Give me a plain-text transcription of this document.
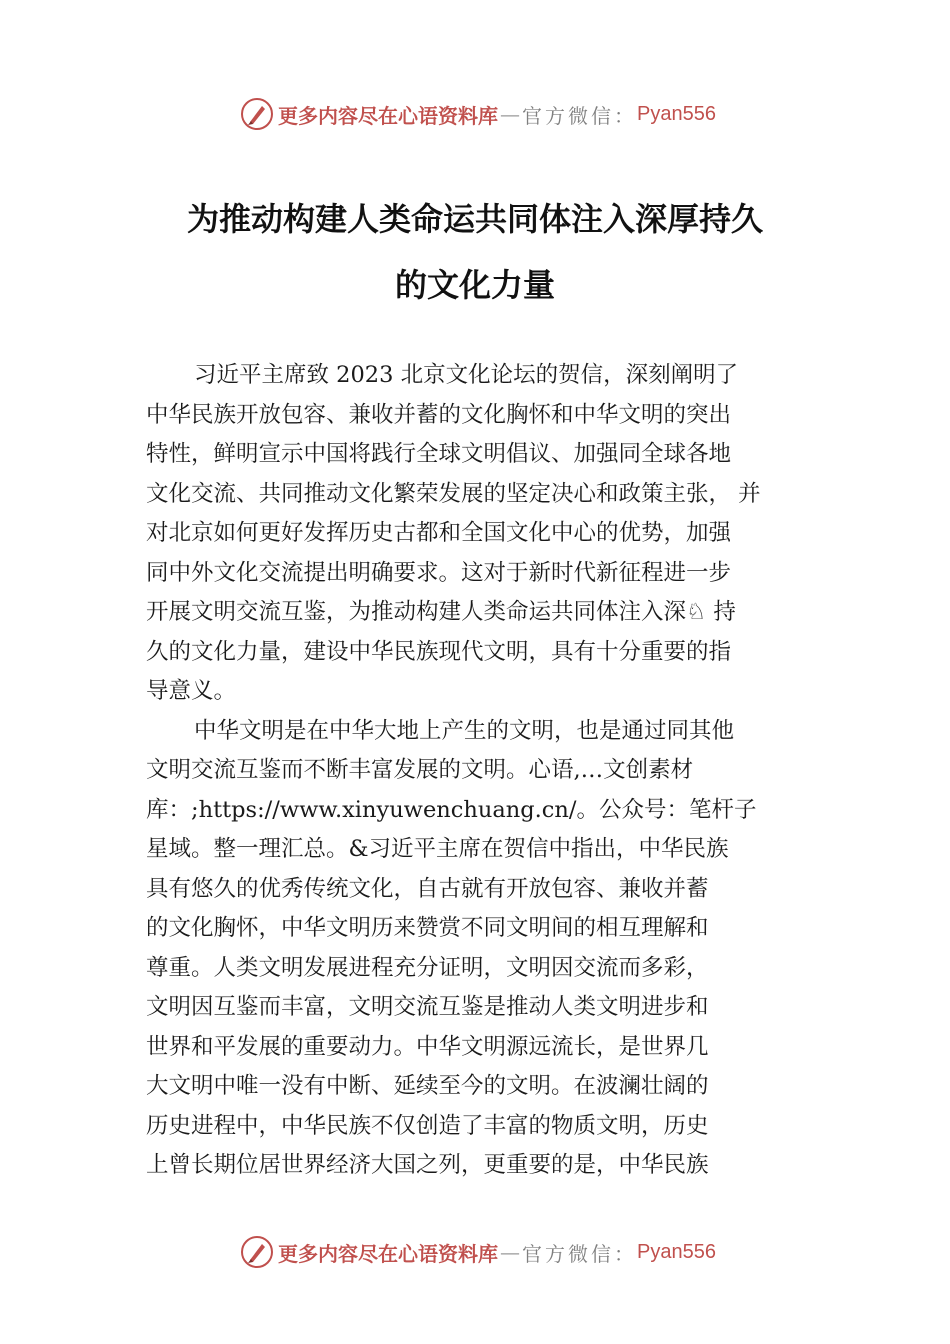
更多内容尽在心语资料库 — 官方微信： Pyan556
为推动构建人类命运共同体注入深厚持久
的文化力量
习近平主席致 2023 北京文化论坛的贺信，深刻阐明了
中华民族开放包容、兼收并蓄的文化胸怀和中华文明的突出
特性，鲜明宣示中国将践行全球文明倡议、加强同全球各地
文化交流、共同推动文化繁荣发展的坚定决心和政策主张， 并
对北京如何更好发挥历史古都和全国文化中心的优势，加强
同中外文化交流提出明确要求。这对于新时代新征程进一步
开展文明交流互鉴，为推动构建人类命运共同体注入深♘ 持
久的文化力量，建设中华民族现代文明，具有十分重要的指
导意义。
中华文明是在中华大地上产生的文明，也是通过同其他
文明交流互鉴而不断丰富发展的文明。心语,…文创素材
库：;https://www.xinyuwenchuang.cn/。公众号：笔杆子
星域。整一理汇总。&习近平主席在贺信中指出，中华民族
具有悠久的优秀传统文化，自古就有开放包容、兼收并蓄
的文化胸怀，中华文明历来赞赏不同文明间的相互理解和
尊重。人类文明发展进程充分证明，文明因交流而多彩，
文明因互鉴而丰富，文明交流互鉴是推动人类文明进步和
世界和平发展的重要动力。中华文明源远流长，是世界几
大文明中唯一没有中断、延续至今的文明。在波澜壮阔的
历史进程中，中华民族不仅创造了丰富的物质文明，历史
上曾长期位居世界经济大国之列，更重要的是，中华民族
更多内容尽在心语资料库 — 官方微信： Pyan556
